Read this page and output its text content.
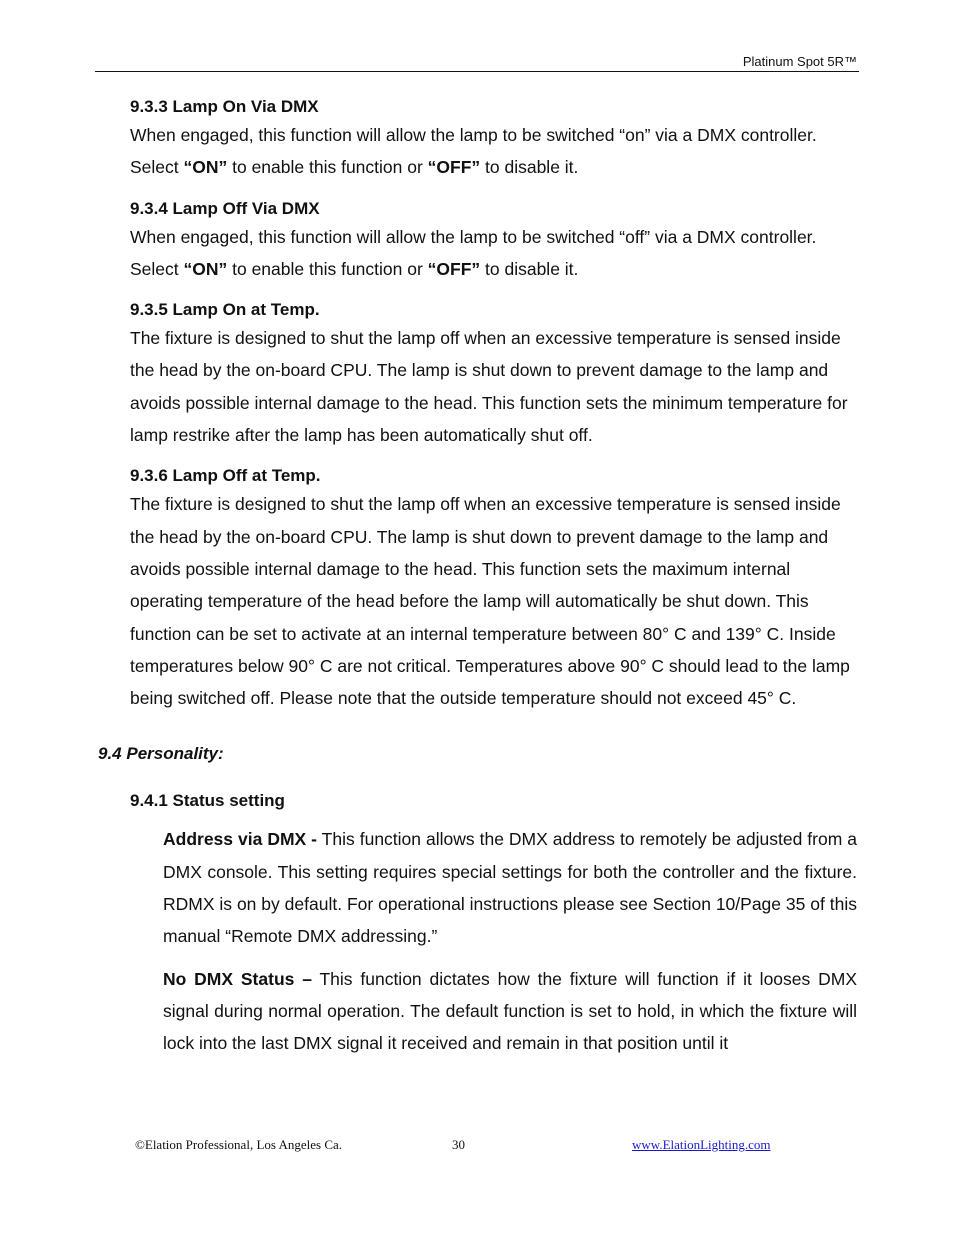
Platinum Spot 5R™
9.3.3 Lamp On Via DMX
When engaged, this function will allow the lamp to be switched “on” via a DMX controller.
Select “ON” to enable this function or “OFF” to disable it.
9.3.4 Lamp Off Via DMX
When engaged, this function will allow the lamp to be switched “off” via a DMX controller.
Select “ON” to enable this function or “OFF” to disable it.
9.3.5 Lamp On at Temp.
The fixture is designed to shut the lamp off when an excessive temperature is sensed inside the head by the on-board CPU. The lamp is shut down to prevent damage to the lamp and avoids possible internal damage to the head. This function sets the minimum temperature for lamp restrike after the lamp has been automatically shut off.
9.3.6 Lamp Off at Temp.
The fixture is designed to shut the lamp off when an excessive temperature is sensed inside the head by the on-board CPU. The lamp is shut down to prevent damage to the lamp and avoids possible internal damage to the head. This function sets the maximum internal operating temperature of the head before the lamp will automatically be shut down. This function can be set to activate at an internal temperature between 80° C and 139° C. Inside temperatures below 90° C are not critical. Temperatures above 90° C should lead to the lamp being switched off. Please note that the outside temperature should not exceed 45° C.
9.4 Personality:
9.4.1 Status setting
Address via DMX - This function allows the DMX address to remotely be adjusted from a DMX console. This setting requires special settings for both the controller and the fixture. RDMX is on by default. For operational instructions please see Section 10/Page 35 of this manual “Remote DMX addressing.”
No DMX Status – This function dictates how the fixture will function if it looses DMX signal during normal operation. The default function is set to hold, in which the fixture will lock into the last DMX signal it received and remain in that position until it
©Elation Professional, Los Angeles Ca.	30	www.ElationLighting.com
